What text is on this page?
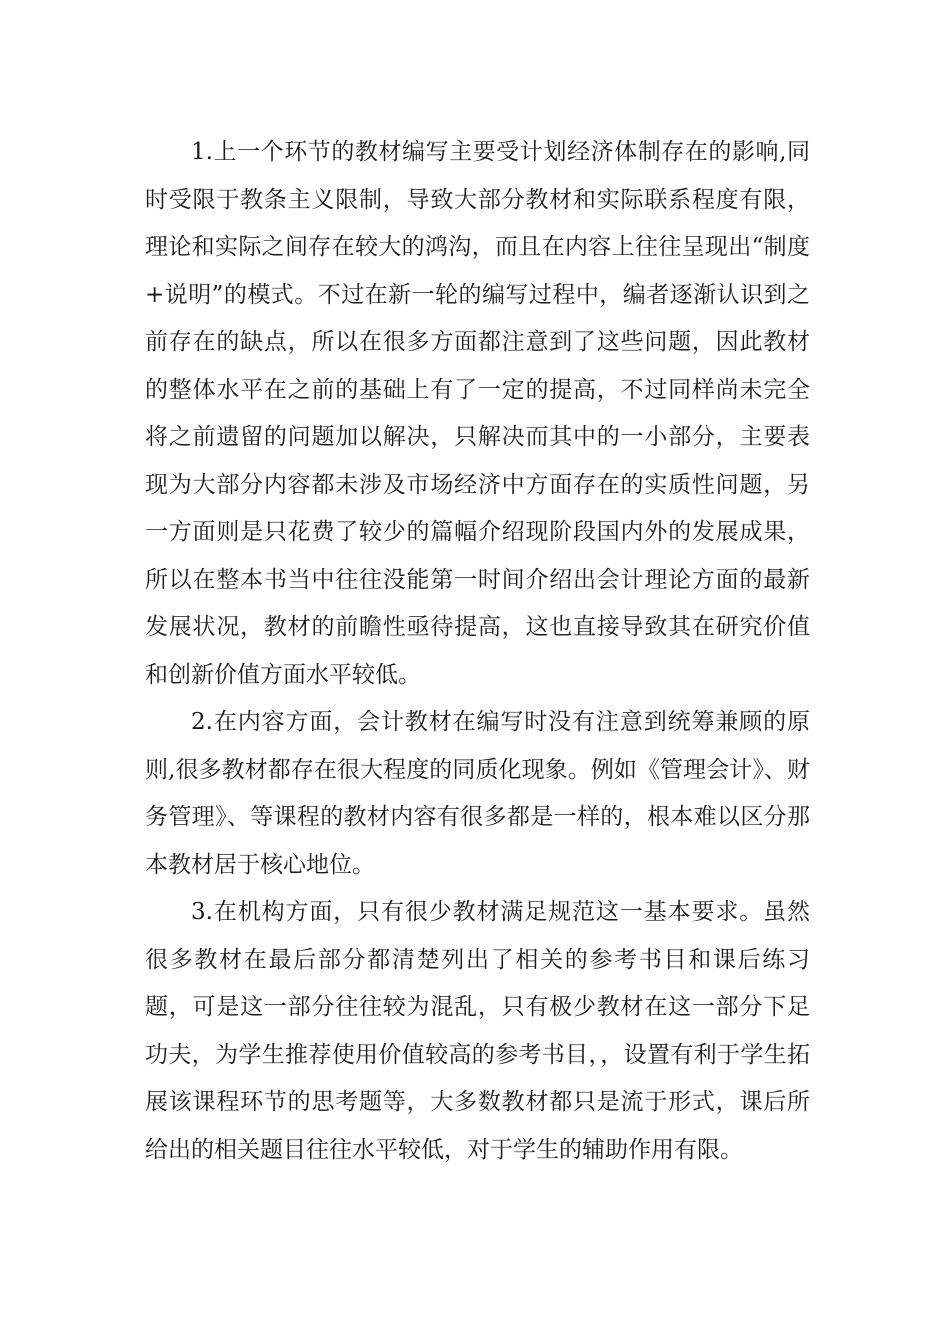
1.上一个环节的教材编写主要受计划经济体制存在的影响,同时受限于教条主义限制，导致大部分教材和实际联系程度有限，理论和实际之间存在较大的鸿沟，而且在内容上往往呈现出“制度+说明”的模式。不过在新一轮的编写过程中，编者逐渐认识到之前存在的缺点，所以在很多方面都注意到了这些问题，因此教材的整体水平在之前的基础上有了一定的提高，不过同样尚未完全将之前遗留的问题加以解决，只解决而其中的一小部分，主要表现为大部分内容都未涉及市场经济中方面存在的实质性问题，另一方面则是只花费了较少的篇幅介绍现阶段国内外的发展成果，所以在整本书当中往往没能第一时间介绍出会计理论方面的最新发展状况，教材的前瞻性亟待提高，这也直接导致其在研究价值和创新价值方面水平较低。

2.在内容方面，会计教材在编写时没有注意到统筹兼顾的原则,很多教材都存在很大程度的同质化现象。例如《管理会计》、财务管理》、等课程的教材内容有很多都是一样的，根本难以区分那本教材居于核心地位。

3.在机构方面，只有很少教材满足规范这一基本要求。虽然很多教材在最后部分都清楚列出了相关的参考书目和课后练习题，可是这一部分往往较为混乱，只有极少教材在这一部分下足功夫，为学生推荐使用价值较高的参考书目，，设置有利于学生拓展该课程环节的思考题等，大多数教材都只是流于形式，课后所给出的相关题目往往水平较低，对于学生的辅助作用有限。
